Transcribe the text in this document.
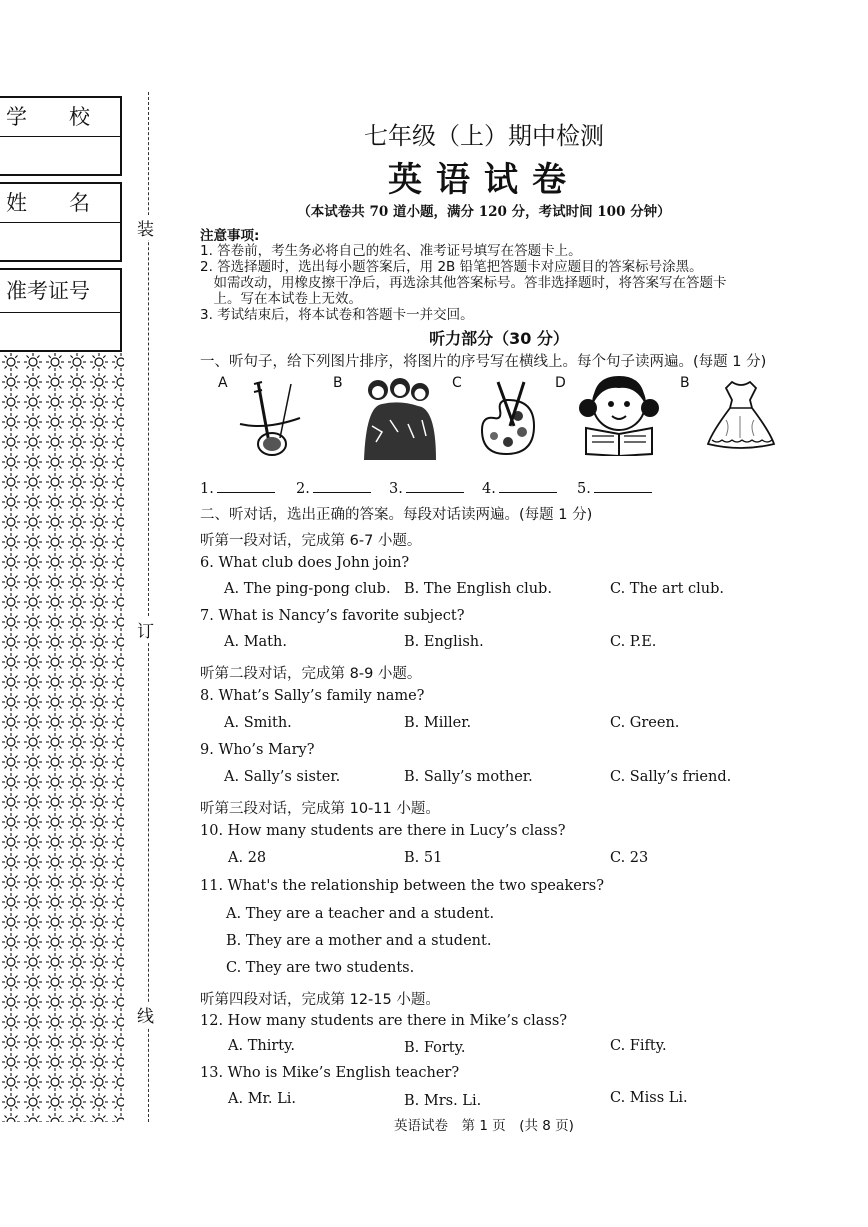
学　　校
姓　　名
准考证号
装
订
线
七年级（上）期中检测
英语试卷
（本试卷共 70 道小题，满分 120 分，考试时间 100 分钟）
注意事项:
1. 答卷前，考生务必将自己的姓名、准考证号填写在答题卡上。
2. 答选择题时，选出每小题答案后，用 2B 铅笔把答题卡对应题目的答案标号涂黑。
　如需改动，用橡皮擦干净后，再选涂其他答案标号。答非选择题时，将答案写在答题卡
　上。写在本试卷上无效。
3. 考试结束后，将本试卷和答题卡一并交回。
听力部分（30 分）
一、听句子，给下列图片排序，将图片的序号写在横线上。每个句子读两遍。(每题 1 分)
A	B	C	D	B
1.	2.	3.	4.	5.
二、听对话，选出正确的答案。每段对话读两遍。(每题 1 分)
听第一段对话，完成第 6-7 小题。
6. What club does John join?
A. The ping-pong club. B. The English club.	C. The art club.
7. What is Nancy’s favorite subject?
A. Math.	B. English.	C. P.E.
听第二段对话，完成第 8-9 小题。
8. What’s Sally’s family name?
A. Smith.	B. Miller.	C. Green.
9. Who’s Mary?
A. Sally’s sister.	B. Sally’s mother.	C. Sally’s friend.
听第三段对话，完成第 10-11 小题。
10. How many students are there in Lucy’s class?
A. 28	B. 51	C. 23
11. What's the relationship between the two speakers?
A. They are a teacher and a student.
B. They are a mother and a student.
C. They are two students.
听第四段对话，完成第 12-15 小题。
12. How many students are there in Mike’s class?
A. Thirty.	B. Forty.	C. Fifty.
13. Who is Mike’s English teacher?
A. Mr. Li.	B. Mrs. Li.	C. Miss Li.
英语试卷　第 1 页　(共 8 页)
